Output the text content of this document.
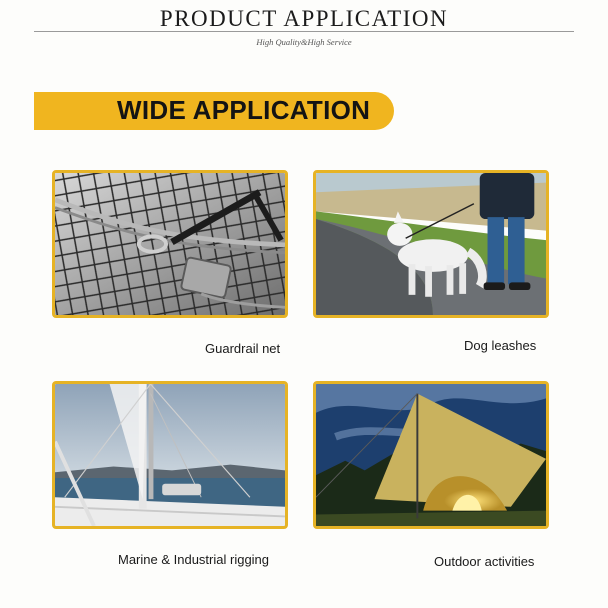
PRODUCT APPLICATION
High Quality&High Service
WIDE APPLICATION
Guardrail net	Dog leashes
Marine & Industrial rigging	Outdoor activities
